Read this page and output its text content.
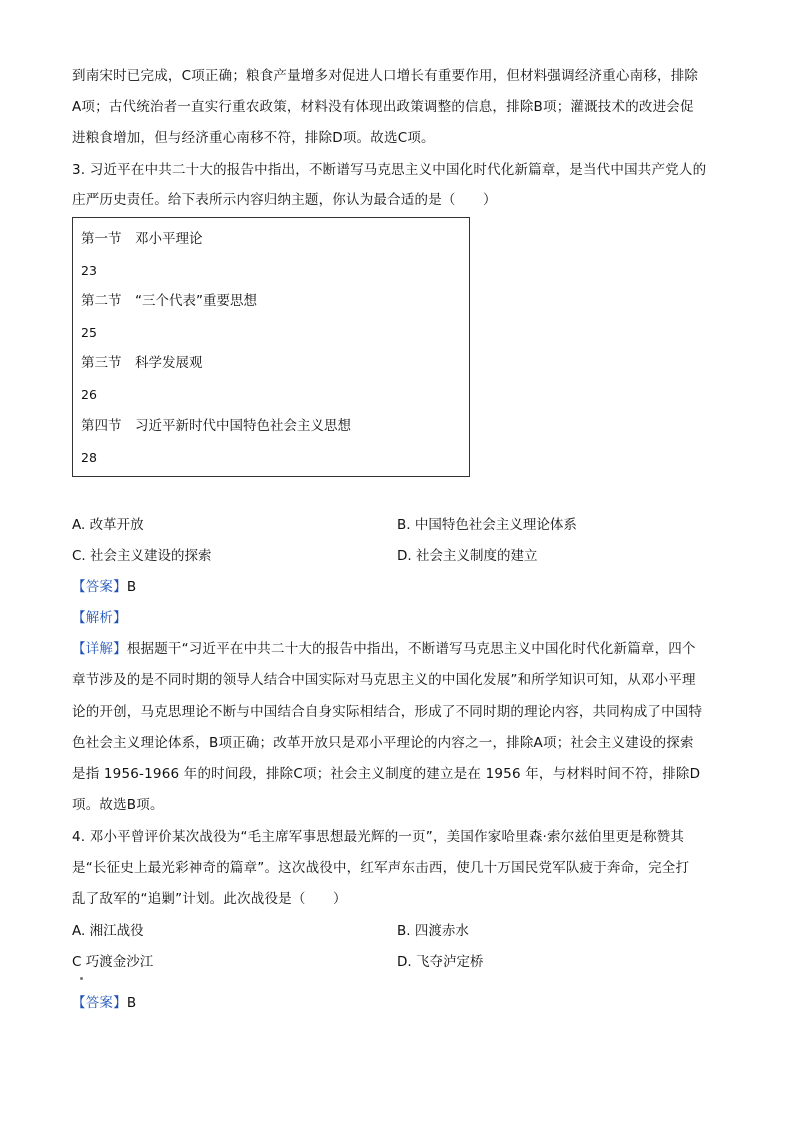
到南宋时已完成，C项正确；粮食产量增多对促进人口增长有重要作用，但材料强调经济重心南移，排除
A项；古代统治者一直实行重农政策，材料没有体现出政策调整的信息，排除B项；灌溉技术的改进会促
进粮食增加，但与经济重心南移不符，排除D项。故选C项。
3. 习近平在中共二十大的报告中指出，不断谱写马克思主义中国化时代化新篇章，是当代中国共产党人的
庄严历史责任。给下表所示内容归纳主题，你认为最合适的是（　　）
第一节　邓小平理论
23
第二节　“三个代表”重要思想
25
第三节　科学发展观
26
第四节　习近平新时代中国特色社会主义思想
28
A. 改革开放	B. 中国特色社会主义理论体系
C. 社会主义建设的探索	D. 社会主义制度的建立
【答案】B
【解析】
【详解】根据题干“习近平在中共二十大的报告中指出，不断谱写马克思主义中国化时代化新篇章，四个
章节涉及的是不同时期的领导人结合中国实际对马克思主义的中国化发展”和所学知识可知，从邓小平理
论的开创，马克思理论不断与中国结合自身实际相结合，形成了不同时期的理论内容，共同构成了中国特
色社会主义理论体系，B项正确；改革开放只是邓小平理论的内容之一，排除A项；社会主义建设的探索
是指 1956-1966 年的时间段，排除C项；社会主义制度的建立是在 1956 年，与材料时间不符，排除D
项。故选B项。
4. 邓小平曾评价某次战役为“毛主席军事思想最光辉的一页”，美国作家哈里森·索尔兹伯里更是称赞其
是“长征史上最光彩神奇的篇章”。这次战役中，红军声东击西，使几十万国民党军队疲于奔命，完全打
乱了敌军的“追剿”计划。此次战役是（　　）
A. 湘江战役	B. 四渡赤水
C 巧渡金沙江	D. 飞夺泸定桥
【答案】B
